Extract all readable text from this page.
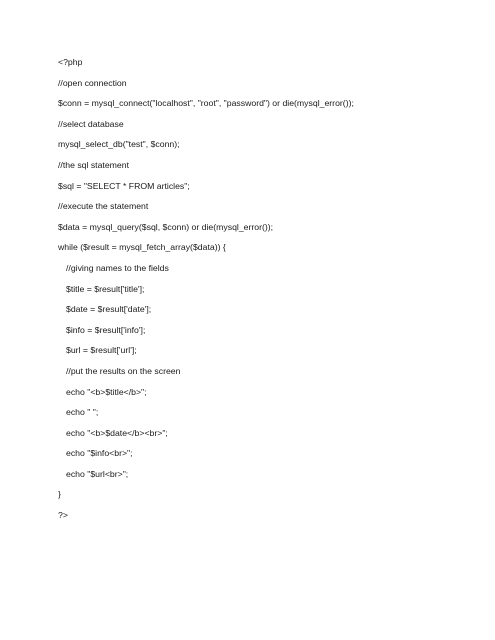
<?php
//open connection
$conn = mysql_connect("localhost", "root", "password") or die(mysql_error());
//select database
mysql_select_db("test", $conn);
//the sql statement
$sql = "SELECT * FROM articles";
//execute the statement
$data = mysql_query($sql, $conn) or die(mysql_error());
while ($result = mysql_fetch_array($data)) {
//giving names to the fields
$title = $result['title'];
$date = $result['date'];
$info = $result['info'];
$url = $result['url'];
//put the results on the screen
echo "<b>$title</b>";
echo " ";
echo "<b>$date</b><br>";
echo "$info<br>";
echo "$url<br>";
}
?>
